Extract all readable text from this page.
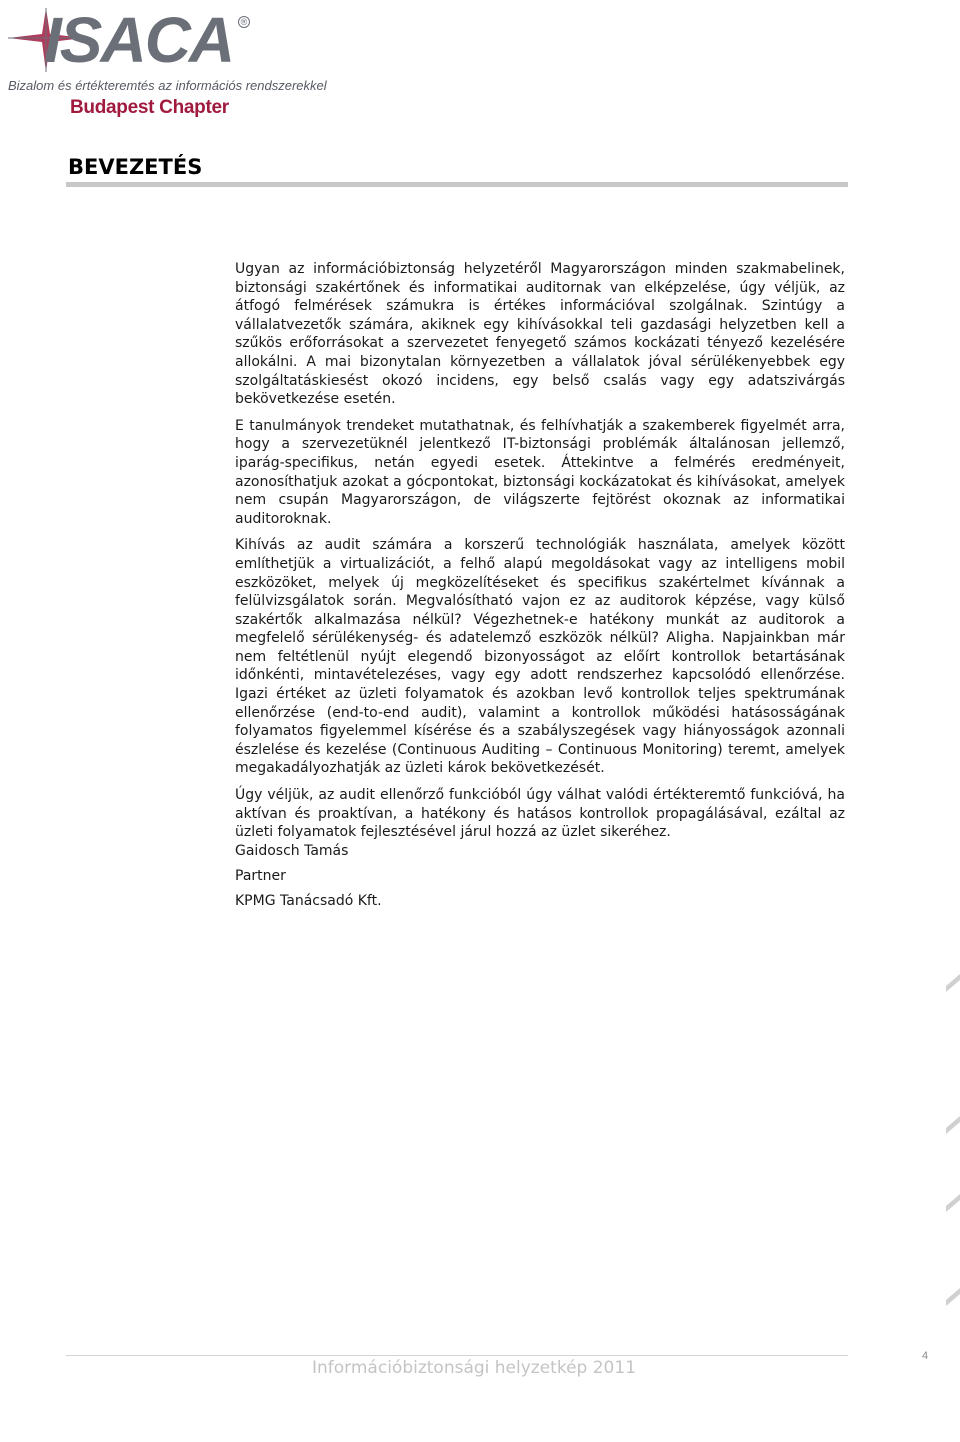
ISACA ®
Bizalom és értékteremtés az információs rendszerekkel
Budapest Chapter
BEVEZETÉS

Ugyan az információbiztonság helyzetéről Magyarországon minden szakmabelinek, biztonsági szakértőnek és informatikai auditornak van elképzelése, úgy véljük, az átfogó felmérések számukra is értékes információval szolgálnak. Szintúgy a vállalatvezetők számára, akiknek egy kihívásokkal teli gazdasági helyzetben kell a szűkös erőforrásokat a szervezetet fenyegető számos kockázati tényező kezelésére allokálni. A mai bizonytalan környezetben a vállalatok jóval sérülékenyebbek egy szolgáltatáskiesést okozó incidens, egy belső csalás vagy egy adatszivárgás bekövetkezése esetén.

E tanulmányok trendeket mutathatnak, és felhívhatják a szakemberek figyelmét arra, hogy a szervezetüknél jelentkező IT-biztonsági problémák általánosan jellemző, iparág-specifikus, netán egyedi esetek. Áttekintve a felmérés eredményeit, azonosíthatjuk azokat a gócpontokat, biztonsági kockázatokat és kihívásokat, amelyek nem csupán Magyarországon, de világszerte fejtörést okoznak az informatikai auditoroknak.

Kihívás az audit számára a korszerű technológiák használata, amelyek között említhetjük a virtualizációt, a felhő alapú megoldásokat vagy az intelligens mobil eszközöket, melyek új megközelítéseket és specifikus szakértelmet kívánnak a felülvizsgálatok során. Megvalósítható vajon ez az auditorok képzése, vagy külső szakértők alkalmazása nélkül? Végezhetnek-e hatékony munkát az auditorok a megfelelő sérülékenység- és adatelemző eszközök nélkül? Aligha. Napjainkban már nem feltétlenül nyújt elegendő bizonyosságot az előírt kontrollok betartásának időnkénti, mintavételezéses, vagy egy adott rendszerhez kapcsolódó ellenőrzése. Igazi értéket az üzleti folyamatok és azokban levő kontrollok teljes spektrumának ellenőrzése (end-to-end audit), valamint a kontrollok működési hatásosságának folyamatos figyelemmel kísérése és a szabályszegések vagy hiányosságok azonnali észlelése és kezelése (Continuous Auditing – Continuous Monitoring) teremt, amelyek megakadályozhatják az üzleti károk bekövetkezését.

Úgy véljük, az audit ellenőrző funkcióból úgy válhat valódi értékteremtő funkcióvá, ha aktívan és proaktívan, a hatékony és hatásos kontrollok propagálásával, ezáltal az üzleti folyamatok fejlesztésével járul hozzá az üzlet sikeréhez.

Gaidosch Tamás
Partner
KPMG Tanácsadó Kft.
Információbiztonsági helyzetkép 2011
4
